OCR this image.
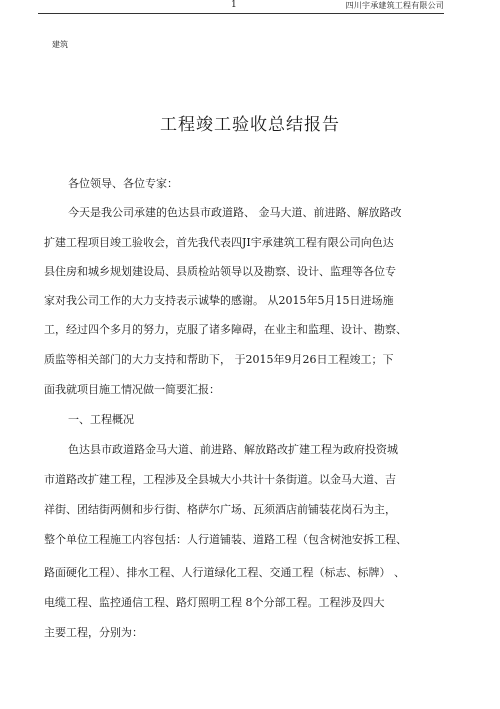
1	四川宇承建筑工程有限公司
建筑
工程竣工验收总结报告
各位领导、各位专家：
今天是我公司承建的色达县市政道路、 金马大道、前进路、解放路改
扩建工程项目竣工验收会，首先我代表四JI宇承建筑工程有限公司向色达
县住房和城乡规划建设局、县质检站领导以及勘察、设计、监理等各位专
家对我公司工作的大力支持表示诚挚的感谢。 从2015年5月15日进场施
工，经过四个多月的努力，克服了诸多障碍，在业主和监理、设计、勘察、
质监等相关部门的大力支持和帮助下， 于2015年9月26日工程竣工；下
面我就项目施工情况做一简要汇报：
一、工程概况
色达县市政道路金马大道、前进路、解放路改扩建工程为政府投资城
市道路改扩建工程，工程涉及全县城大小共计十条街道。以金马大道、吉
祥街、团结街两侧和步行街、格萨尔广场、瓦须酒店前铺装花岗石为主，
整个单位工程施工内容包括：人行道铺装、道路工程（包含树池安拆工程、
路面硬化工程）、排水工程、人行道绿化工程、交通工程（标志、标牌） 、
电缆工程、监控通信工程、路灯照明工程 8个分部工程。工程涉及四大
主要工程，分别为：
